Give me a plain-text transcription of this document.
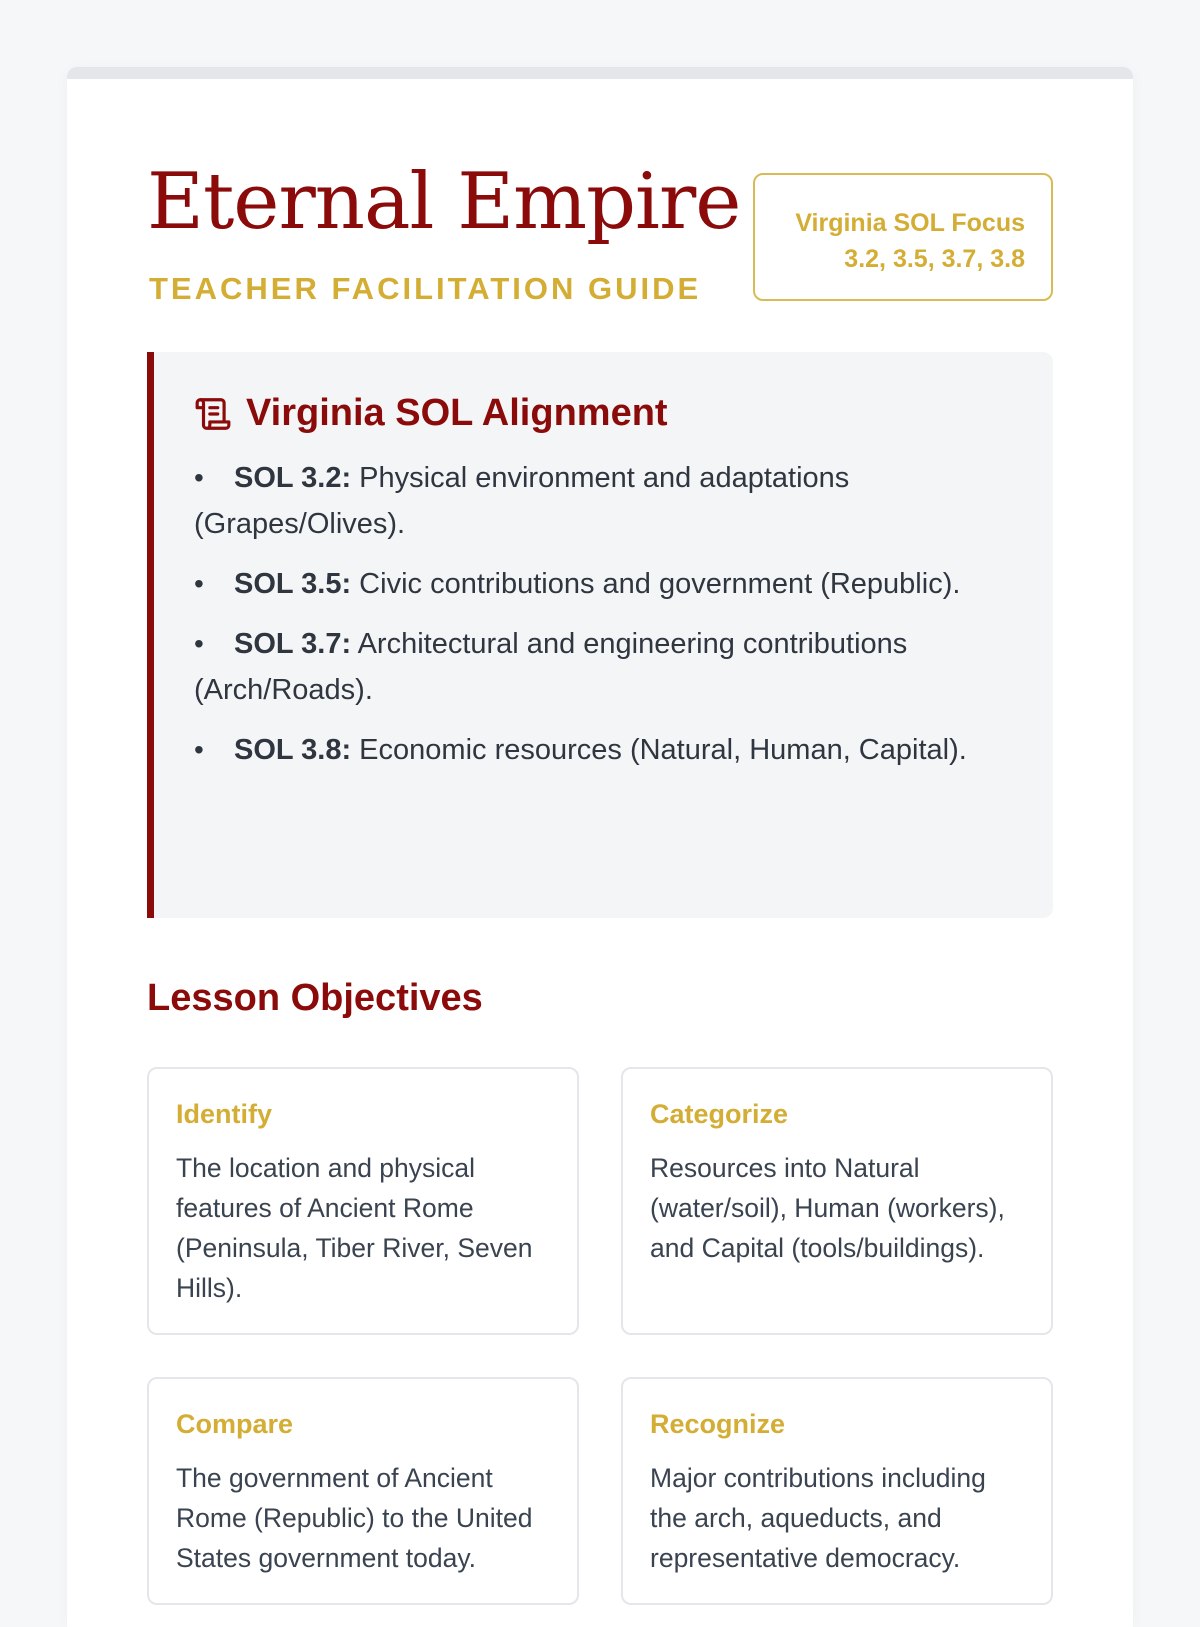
Eternal Empire
TEACHER FACILITATION GUIDE
Virginia SOL Focus
3.2, 3.5, 3.7, 3.8
Virginia SOL Alignment
• SOL 3.2: Physical environment and adaptations (Grapes/Olives).
• SOL 3.5: Civic contributions and government (Republic).
• SOL 3.7: Architectural and engineering contributions (Arch/Roads).
• SOL 3.8: Economic resources (Natural, Human, Capital).
Lesson Objectives
Identify
The location and physical features of Ancient Rome (Peninsula, Tiber River, Seven Hills).
Categorize
Resources into Natural (water/soil), Human (workers), and Capital (tools/buildings).
Compare
The government of Ancient Rome (Republic) to the United States government today.
Recognize
Major contributions including the arch, aqueducts, and representative democracy.
